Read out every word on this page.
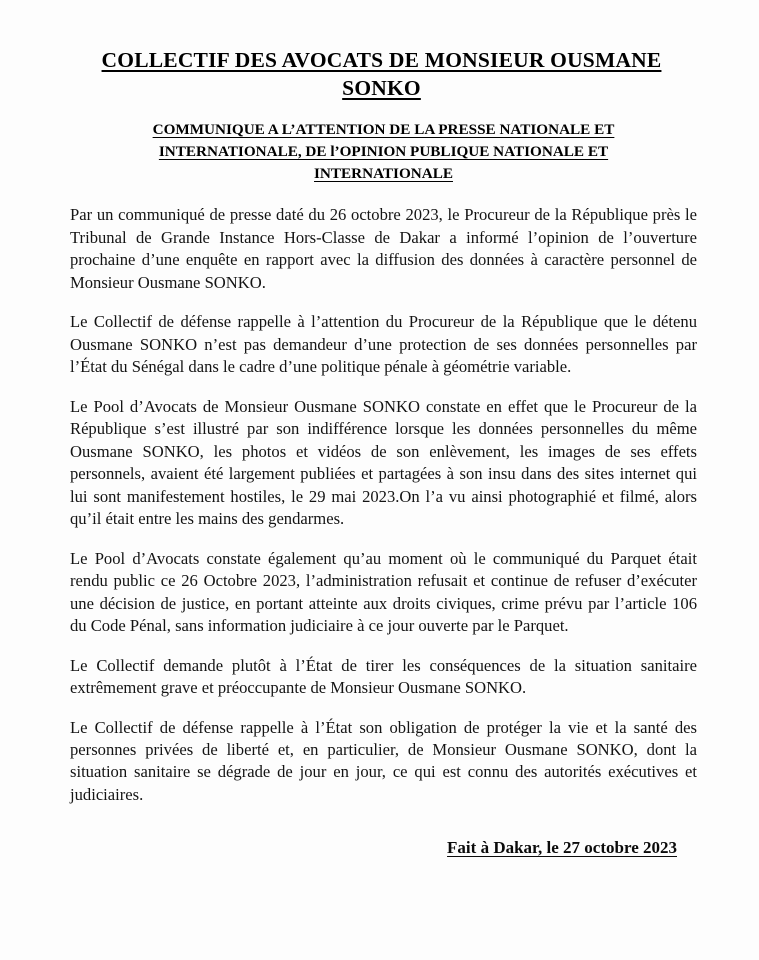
COLLECTIF DES AVOCATS DE MONSIEUR OUSMANE
SONKO
COMMUNIQUE A L’ATTENTION DE LA PRESSE NATIONALE ET
INTERNATIONALE, DE l’OPINION PUBLIQUE NATIONALE ET
INTERNATIONALE

Par un communiqué de presse daté du 26 octobre 2023, le Procureur de la République près le Tribunal de Grande Instance Hors-Classe de Dakar a informé l’opinion de l’ouverture prochaine d’une enquête en rapport avec la diffusion des données à caractère personnel de Monsieur Ousmane SONKO.

Le Collectif de défense rappelle à l’attention du Procureur de la République que le détenu Ousmane SONKO n’est pas demandeur d’une protection de ses données personnelles par l’État du Sénégal dans le cadre d’une politique pénale à géométrie variable.

Le Pool d’Avocats de Monsieur Ousmane SONKO constate en effet que le Procureur de la République s’est illustré par son indifférence lorsque les données personnelles du même Ousmane SONKO, les photos et vidéos de son enlèvement, les images de ses effets personnels, avaient été largement publiées et partagées à son insu dans des sites internet qui lui sont manifestement hostiles, le 29 mai 2023.On l’a vu ainsi photographié et filmé, alors qu’il était entre les mains des gendarmes.

Le Pool d’Avocats constate également qu’au moment où le communiqué du Parquet était rendu public ce 26 Octobre 2023, l’administration refusait et continue de refuser d’exécuter une décision de justice, en portant atteinte aux droits civiques, crime prévu par l’article 106 du Code Pénal, sans information judiciaire à ce jour ouverte par le Parquet.

Le Collectif demande plutôt à l’État de tirer les conséquences de la situation sanitaire extrêmement grave et préoccupante de Monsieur Ousmane SONKO.

Le Collectif de défense rappelle à l’État son obligation de protéger la vie et la santé des personnes privées de liberté et, en particulier, de Monsieur Ousmane SONKO, dont la situation sanitaire se dégrade de jour en jour, ce qui est connu des autorités exécutives et judiciaires.

Fait à Dakar, le 27 octobre 2023
